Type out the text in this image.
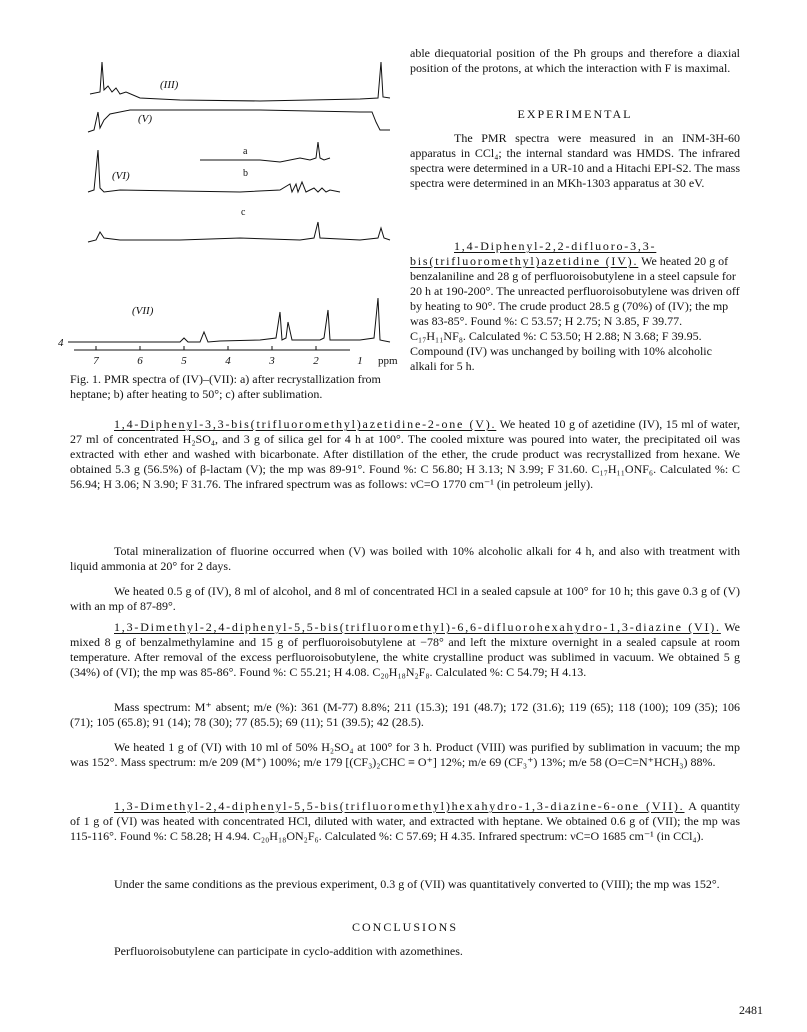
(III)
(V)
(VI)
(VII)
4
a
b
c
7	6	5	4	3	2	1 ppm
Fig. 1. PMR spectra of (IV)–(VII): a) after recrystallization from heptane; b) after heating to 50°; c) after sublimation.
able diequatorial position of the Ph groups and therefore a diaxial position of the protons, at which the interaction with F is maximal.
EXPERIMENTAL
The PMR spectra were measured in an INM-3H-60 apparatus in CCl₄; the internal standard was HMDS. The infrared spectra were determined in a UR-10 and a Hitachi EPI-S2. The mass spectra were determined in an MKh-1303 apparatus at 30 eV.
1,4-Diphenyl-2,2-difluoro-3,3-bis(trifluoromethyl)azetidine (IV). We heated 20 g of benzalaniline and 28 g of perfluoroisobutylene in a steel capsule for 20 h at 190-200°. The unreacted perfluoroisobutylene was driven off by heating to 90°. The crude product 28.5 g (70%) of (IV); the mp was 83-85°. Found %: C 53.57; H 2.75; N 3.85, F 39.77. C₁₇H₁₁NF₈. Calculated %: C 53.50; H 2.88; N 3.68; F 39.95. Compound (IV) was unchanged by boiling with 10% alcoholic alkali for 5 h.
1,4-Diphenyl-3,3-bis(trifluoromethyl)azetidine-2-one (V). We heated 10 g of azetidine (IV), 15 ml of water, 27 ml of concentrated H₂SO₄, and 3 g of silica gel for 4 h at 100°. The cooled mixture was poured into water, the precipitated oil was extracted with ether and washed with bicarbonate. After distillation of the ether, the crude product was recrystallized from hexane. We obtained 5.3 g (56.5%) of β-lactam (V); the mp was 89-91°. Found %: C 56.80; H 3.13; N 3.99; F 31.60. C₁₇H₁₁ONF₆. Calculated %: C 56.94; H 3.06; N 3.90; F 31.76. The infrared spectrum was as follows: νC=O 1770 cm⁻¹ (in petroleum jelly).
Total mineralization of fluorine occurred when (V) was boiled with 10% alcoholic alkali for 4 h, and also with treatment with liquid ammonia at 20° for 2 days.
We heated 0.5 g of (IV), 8 ml of alcohol, and 8 ml of concentrated HCl in a sealed capsule at 100° for 10 h; this gave 0.3 g of (V) with an mp of 87-89°.
1,3-Dimethyl-2,4-diphenyl-5,5-bis(trifluoromethyl)-6,6-difluorohexahydro-1,3-diazine (VI). We mixed 8 g of benzalmethylamine and 15 g of perfluoroisobutylene at −78° and left the mixture overnight in a sealed capsule at room temperature. After removal of the excess perfluoroisobutylene, the white crystalline product was sublimed in vacuum. We obtained 5 g (34%) of (VI); the mp was 85-86°. Found %: C 55.21; H 4.08. C₂₀H₁₈N₂F₈. Calculated %: C 54.79; H 4.13.
Mass spectrum: M⁺ absent; m/e (%): 361 (M-77) 8.8%; 211 (15.3); 191 (48.7); 172 (31.6); 119 (65); 118 (100); 109 (35); 106 (71); 105 (65.8); 91 (14); 78 (30); 77 (85.5); 69 (11); 51 (39.5); 42 (28.5).
We heated 1 g of (VI) with 10 ml of 50% H₂SO₄ at 100° for 3 h. Product (VIII) was purified by sublimation in vacuum; the mp was 152°. Mass spectrum: m/e 209 (M⁺) 100%; m/e 179 [(CF₃)₂CHC ≡ O⁺] 12%; m/e 69 (CF₃⁺) 13%; m/e 58 (O=C=N⁺HCH₃) 88%.
1,3-Dimethyl-2,4-diphenyl-5,5-bis(trifluoromethyl)hexahydro-1,3-diazine-6-one (VII). A quantity of 1 g of (VI) was heated with concentrated HCl, diluted with water, and extracted with heptane. We obtained 0.6 g of (VII); the mp was 115-116°. Found %: C 58.28; H 4.94. C₂₀H₁₈ON₂F₆. Calculated %: C 57.69; H 4.35. Infrared spectrum: νC=O 1685 cm⁻¹ (in CCl₄).
Under the same conditions as the previous experiment, 0.3 g of (VII) was quantitatively converted to (VIII); the mp was 152°.
CONCLUSIONS
Perfluoroisobutylene can participate in cyclo-addition with azomethines.
2481
